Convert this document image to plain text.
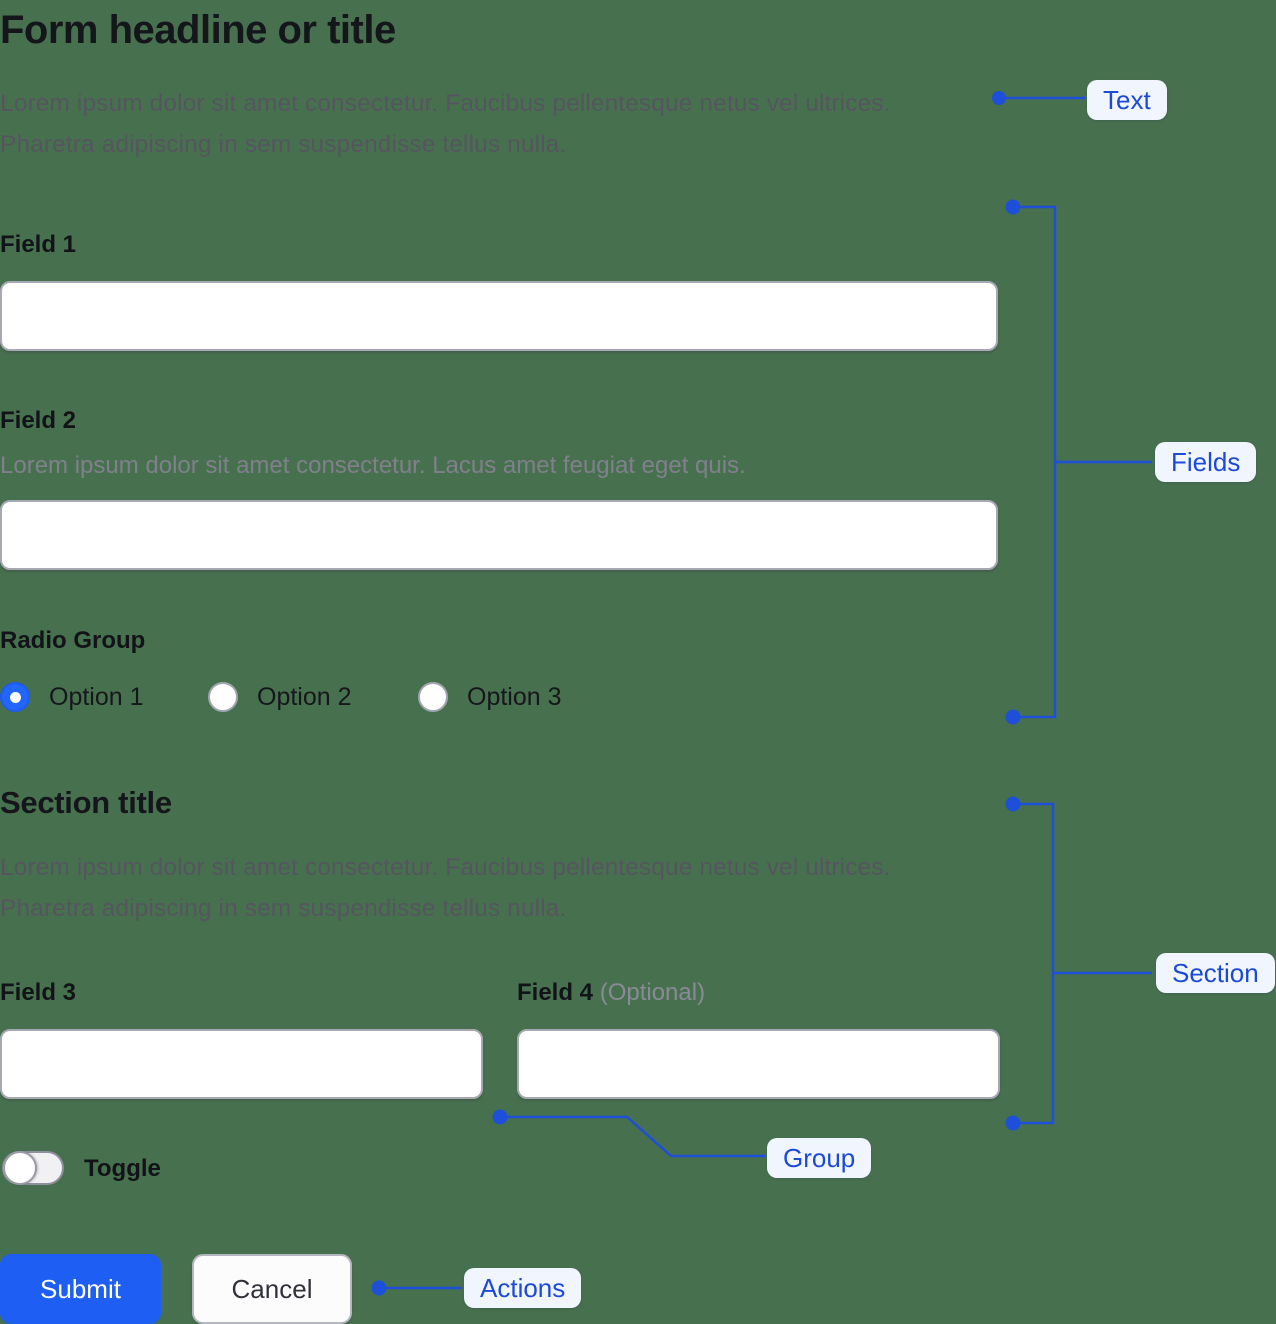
Form headline or title
Lorem ipsum dolor sit amet consectetur. Faucibus pellentesque netus vel ultrices. Pharetra adipiscing in sem suspendisse tellus nulla.
Field 1
Field 2
Lorem ipsum dolor sit amet consectetur. Lacus amet feugiat eget quis.
Radio Group
Option 1	Option 2	Option 3
Section title
Lorem ipsum dolor sit amet consectetur. Faucibus pellentesque netus vel ultrices. Pharetra adipiscing in sem suspendisse tellus nulla.
Field 3	Field 4 (Optional)
Toggle
Submit	Cancel
Text
Fields
Section
Group
Actions
